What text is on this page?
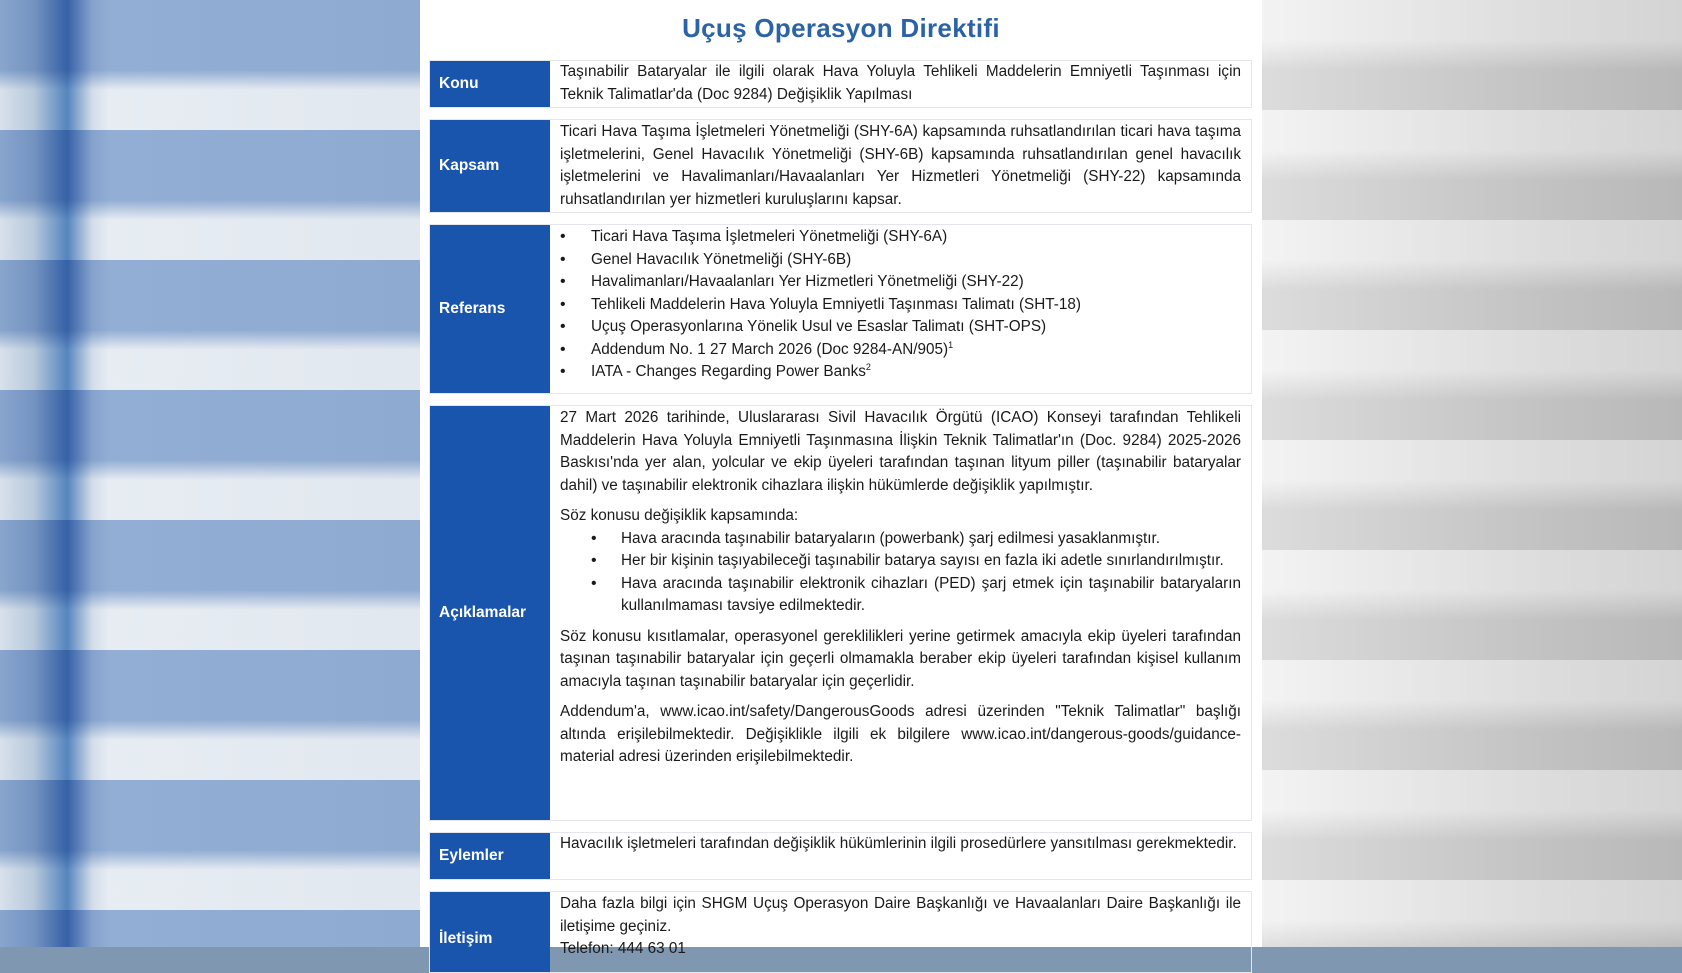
Uçuş Operasyon Direktifi
Konu

Taşınabilir Bataryalar ile ilgili olarak Hava Yoluyla Tehlikeli Maddelerin Emniyetli Taşınması için Teknik Talimatlar'da (Doc 9284) Değişiklik Yapılması

Kapsam

Ticari Hava Taşıma İşletmeleri Yönetmeliği (SHY-6A) kapsamında ruhsatlandırılan ticari hava taşıma işletmelerini, Genel Havacılık Yönetmeliği (SHY-6B) kapsamında ruhsatlandırılan genel havacılık işletmelerini ve Havalimanları/Havaalanları Yer Hizmetleri Yönetmeliği (SHY-22) kapsamında ruhsatlandırılan yer hizmetleri kuruluşlarını kapsar.

Referans
• Ticari Hava Taşıma İşletmeleri Yönetmeliği (SHY-6A)
• Genel Havacılık Yönetmeliği (SHY-6B)
• Havalimanları/Havaalanları Yer Hizmetleri Yönetmeliği (SHY-22)
• Tehlikeli Maddelerin Hava Yoluyla Emniyetli Taşınması Talimatı (SHT-18)
• Uçuş Operasyonlarına Yönelik Usul ve Esaslar Talimatı (SHT-OPS)
• Addendum No. 1 27 March 2026 (Doc 9284-AN/905)$^1$
• IATA - Changes Regarding Power Banks$^2$
Açıklamalar

27 Mart 2026 tarihinde, Uluslararası Sivil Havacılık Örgütü (ICAO) Konseyi tarafından Tehlikeli Maddelerin Hava Yoluyla Emniyetli Taşınmasına İlişkin Teknik Talimatlar'ın (Doc. 9284) 2025-2026 Baskısı'nda yer alan, yolcular ve ekip üyeleri tarafından taşınan lityum piller (taşınabilir bataryalar dahil) ve taşınabilir elektronik cihazlara ilişkin hükümlerde değişiklik yapılmıştır.

Söz konusu değişiklik kapsamında:

• Hava aracında taşınabilir bataryaların (powerbank) şarj edilmesi yasaklanmıştır.
• Her bir kişinin taşıyabileceği taşınabilir batarya sayısı en fazla iki adetle sınırlandırılmıştır.
• Hava aracında taşınabilir elektronik cihazları (PED) şarj etmek için taşınabilir bataryaların kullanılmaması tavsiye edilmektedir.

Söz konusu kısıtlamalar, operasyonel gereklilikleri yerine getirmek amacıyla ekip üyeleri tarafından taşınan taşınabilir bataryalar için geçerli olmamakla beraber ekip üyeleri tarafından kişisel kullanım amacıyla taşınan taşınabilir bataryalar için geçerlidir.

Addendum'a, www.icao.int/safety/DangerousGoods adresi üzerinden "Teknik Talimatlar" başlığı altında erişilebilmektedir. Değişiklikle ilgili ek bilgilere www.icao.int/dangerous-goods/guidance-material adresi üzerinden erişilebilmektedir.

Eylemler

Havacılık işletmeleri tarafından değişiklik hükümlerinin ilgili prosedürlere yansıtılması gerekmektedir.

İletişim

Daha fazla bilgi için SHGM Uçuş Operasyon Daire Başkanlığı ve Havaalanları Daire Başkanlığı ile iletişime geçiniz.

Telefon: 444 63 01
